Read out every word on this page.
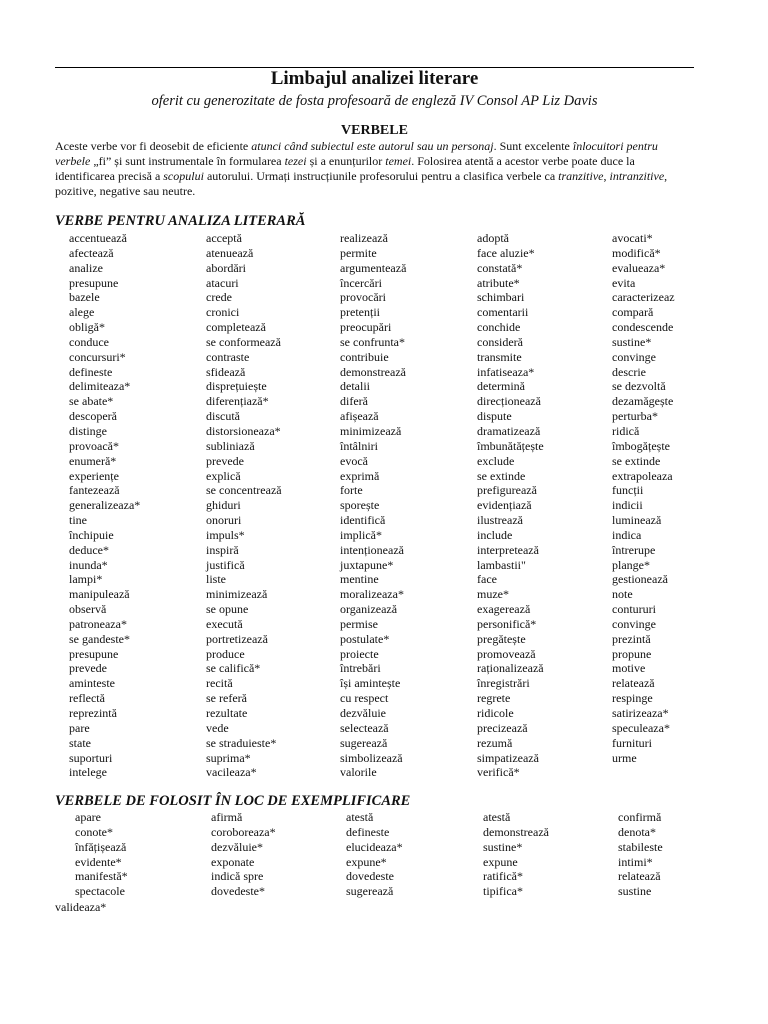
Limbajul analizei literare
oferit cu generozitate de fosta profesoară de engleză IV Consol AP Liz Davis
VERBELE
Aceste verbe vor fi deosebit de eficiente atunci când subiectul este autorul sau un personaj. Sunt excelente înlocuitori pentru verbele „fi” și sunt instrumentale în formularea tezei și a enunțurilor temei. Folosirea atentă a acestor verbe poate duce la identificarea precisă a scopului autorului. Urmați instrucțiunile profesorului pentru a clasifica verbele ca tranzitive, intranzitive, pozitive, negative sau neutre.
VERBE PENTRU ANALIZA LITERARĂ
accentuează
afectează
analize
presupune
bazele
alege
obligă*
conduce
concursuri*
defineste
delimiteaza*
se abate*
descoperă
distinge
provoacă*
enumeră*
experiențe
fantezează
generalizeaza*
tine
închipuie
deduce*
inunda*
lampi*
manipulează
observă
patroneaza*
se gandeste*
presupune
prevede
aminteste
reflectă
reprezintă
pare
state
suporturi
intelege
acceptă
atenuează
abordări
atacuri
crede
cronici
completează
se conformează
contraste
sfidează
disprețuiește
diferențiază*
discută
distorsioneaza*
subliniază
prevede
explică
se concentrează
ghiduri
onoruri
impuls*
inspiră
justifică
liste
minimizează
se opune
execută
portretizează
produce
se califică*
recită
se referă
rezultate
vede
se straduieste*
suprima*
vacileaza*
realizează
permite
argumentează
încercări
provocări
pretenții
preocupări
se confrunta*
contribuie
demonstrează
detalii
diferă
afișează
minimizează
întâlniri
evocă
exprimă
forte
sporește
identifică
implică*
intenționează
juxtapune*
mentine
moralizeaza*
organizează
permise
postulate*
proiecte
întrebări
își amintește
cu respect
dezvăluie
selectează
sugerează
simbolizează
valorile
adoptă
face aluzie*
constată*
atribute*
schimbari
comentarii
conchide
consideră
transmite
infatiseaza*
determină
direcționează
dispute
dramatizează
îmbunătățește
exclude
se extinde
prefigurează
evidențiază
ilustrează
include
interpretează
lambastii"
face
muze*
exagerează
personifică*
pregătește
promovează
raționalizează
înregistrări
regrete
ridicole
precizează
rezumă
simpatizează
verifică*
avocati*
modifică*
evalueaza*
evita
caracterizeaz
compară
condescende
sustine*
convinge
descrie
se dezvoltă
dezamăgește
perturba*
ridică
îmbogățește
se extinde
extrapoleaza
funcții
indicii
luminează
indica
întrerupe
plange*
gestionează
note
contururi
convinge
prezintă
propune
motive
relatează
respinge
satirizeaza*
speculeaza*
furnituri
urme
VERBELE DE FOLOSIT ÎN LOC DE EXEMPLIFICARE
apare
conote*
înfățișează
evidente*
manifestă*
spectacole
afirmă
coroboreaza*
dezvăluie*
exponate
indică spre
dovedeste*
atestă
defineste
elucideaza*
expune*
dovedeste
sugerează
atestă
demonstrează
sustine*
expune
ratifică*
tipifica*
confirmă
denota*
stabileste
intimi*
relatează
sustine
valideaza*
